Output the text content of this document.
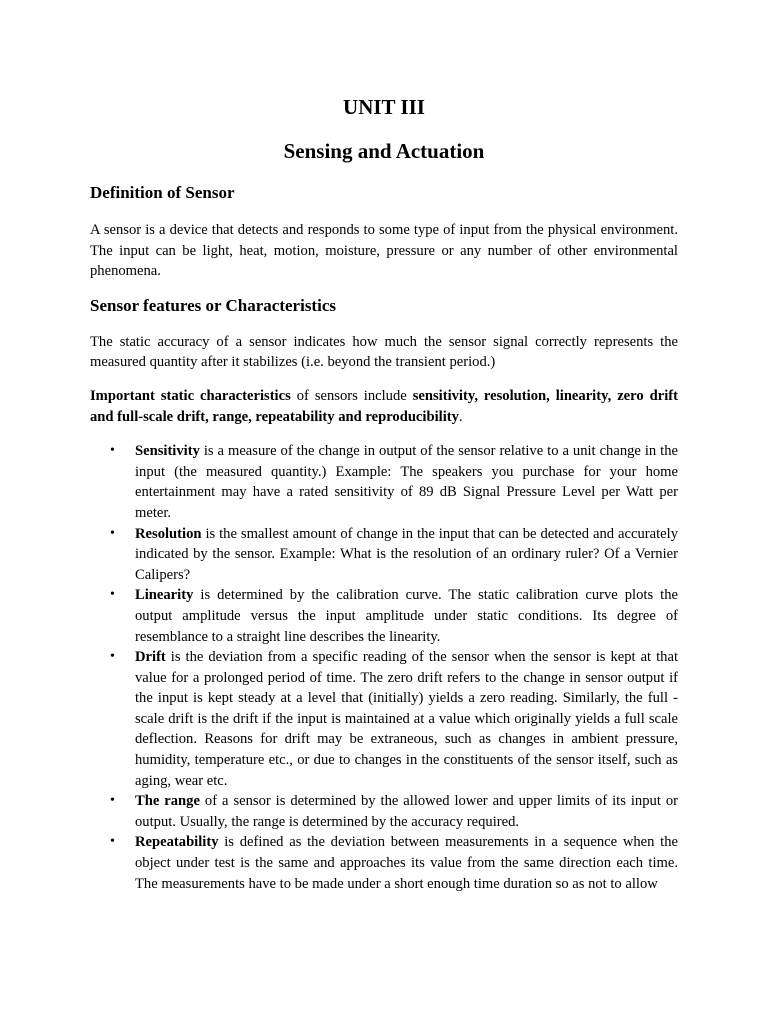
UNIT III
Sensing and Actuation
Definition of Sensor

A sensor is a device that detects and responds to some type of input from the physical environment. The input can be light, heat, motion, moisture, pressure or any number of other environmental phenomena.

Sensor features or Characteristics

The static accuracy of a sensor indicates how much the sensor signal correctly represents the measured quantity after it stabilizes (i.e. beyond the transient period.)

Important static characteristics of sensors include sensitivity, resolution, linearity, zero drift and full-scale drift, range, repeatability and reproducibility.

• Sensitivity is a measure of the change in output of the sensor relative to a unit change in the input (the measured quantity.) Example: The speakers you purchase for your home entertainment may have a rated sensitivity of 89 dB Signal Pressure Level per Watt per meter.
• Resolution is the smallest amount of change in the input that can be detected and accurately indicated by the sensor. Example: What is the resolution of an ordinary ruler? Of a Vernier Calipers?
• Linearity is determined by the calibration curve. The static calibration curve plots the output amplitude versus the input amplitude under static conditions. Its degree of resemblance to a straight line describes the linearity.
• Drift is the deviation from a specific reading of the sensor when the sensor is kept at that value for a prolonged period of time. The zero drift refers to the change in sensor output if the input is kept steady at a level that (initially) yields a zero reading. Similarly, the full -scale drift is the drift if the input is maintained at a value which originally yields a full scale deflection. Reasons for drift may be extraneous, such as changes in ambient pressure, humidity, temperature etc., or due to changes in the constituents of the sensor itself, such as aging, wear etc.
• The range of a sensor is determined by the allowed lower and upper limits of its input or output. Usually, the range is determined by the accuracy required.
• Repeatability is defined as the deviation between measurements in a sequence when the object under test is the same and approaches its value from the same direction each time. The measurements have to be made under a short enough time duration so as not to allow
